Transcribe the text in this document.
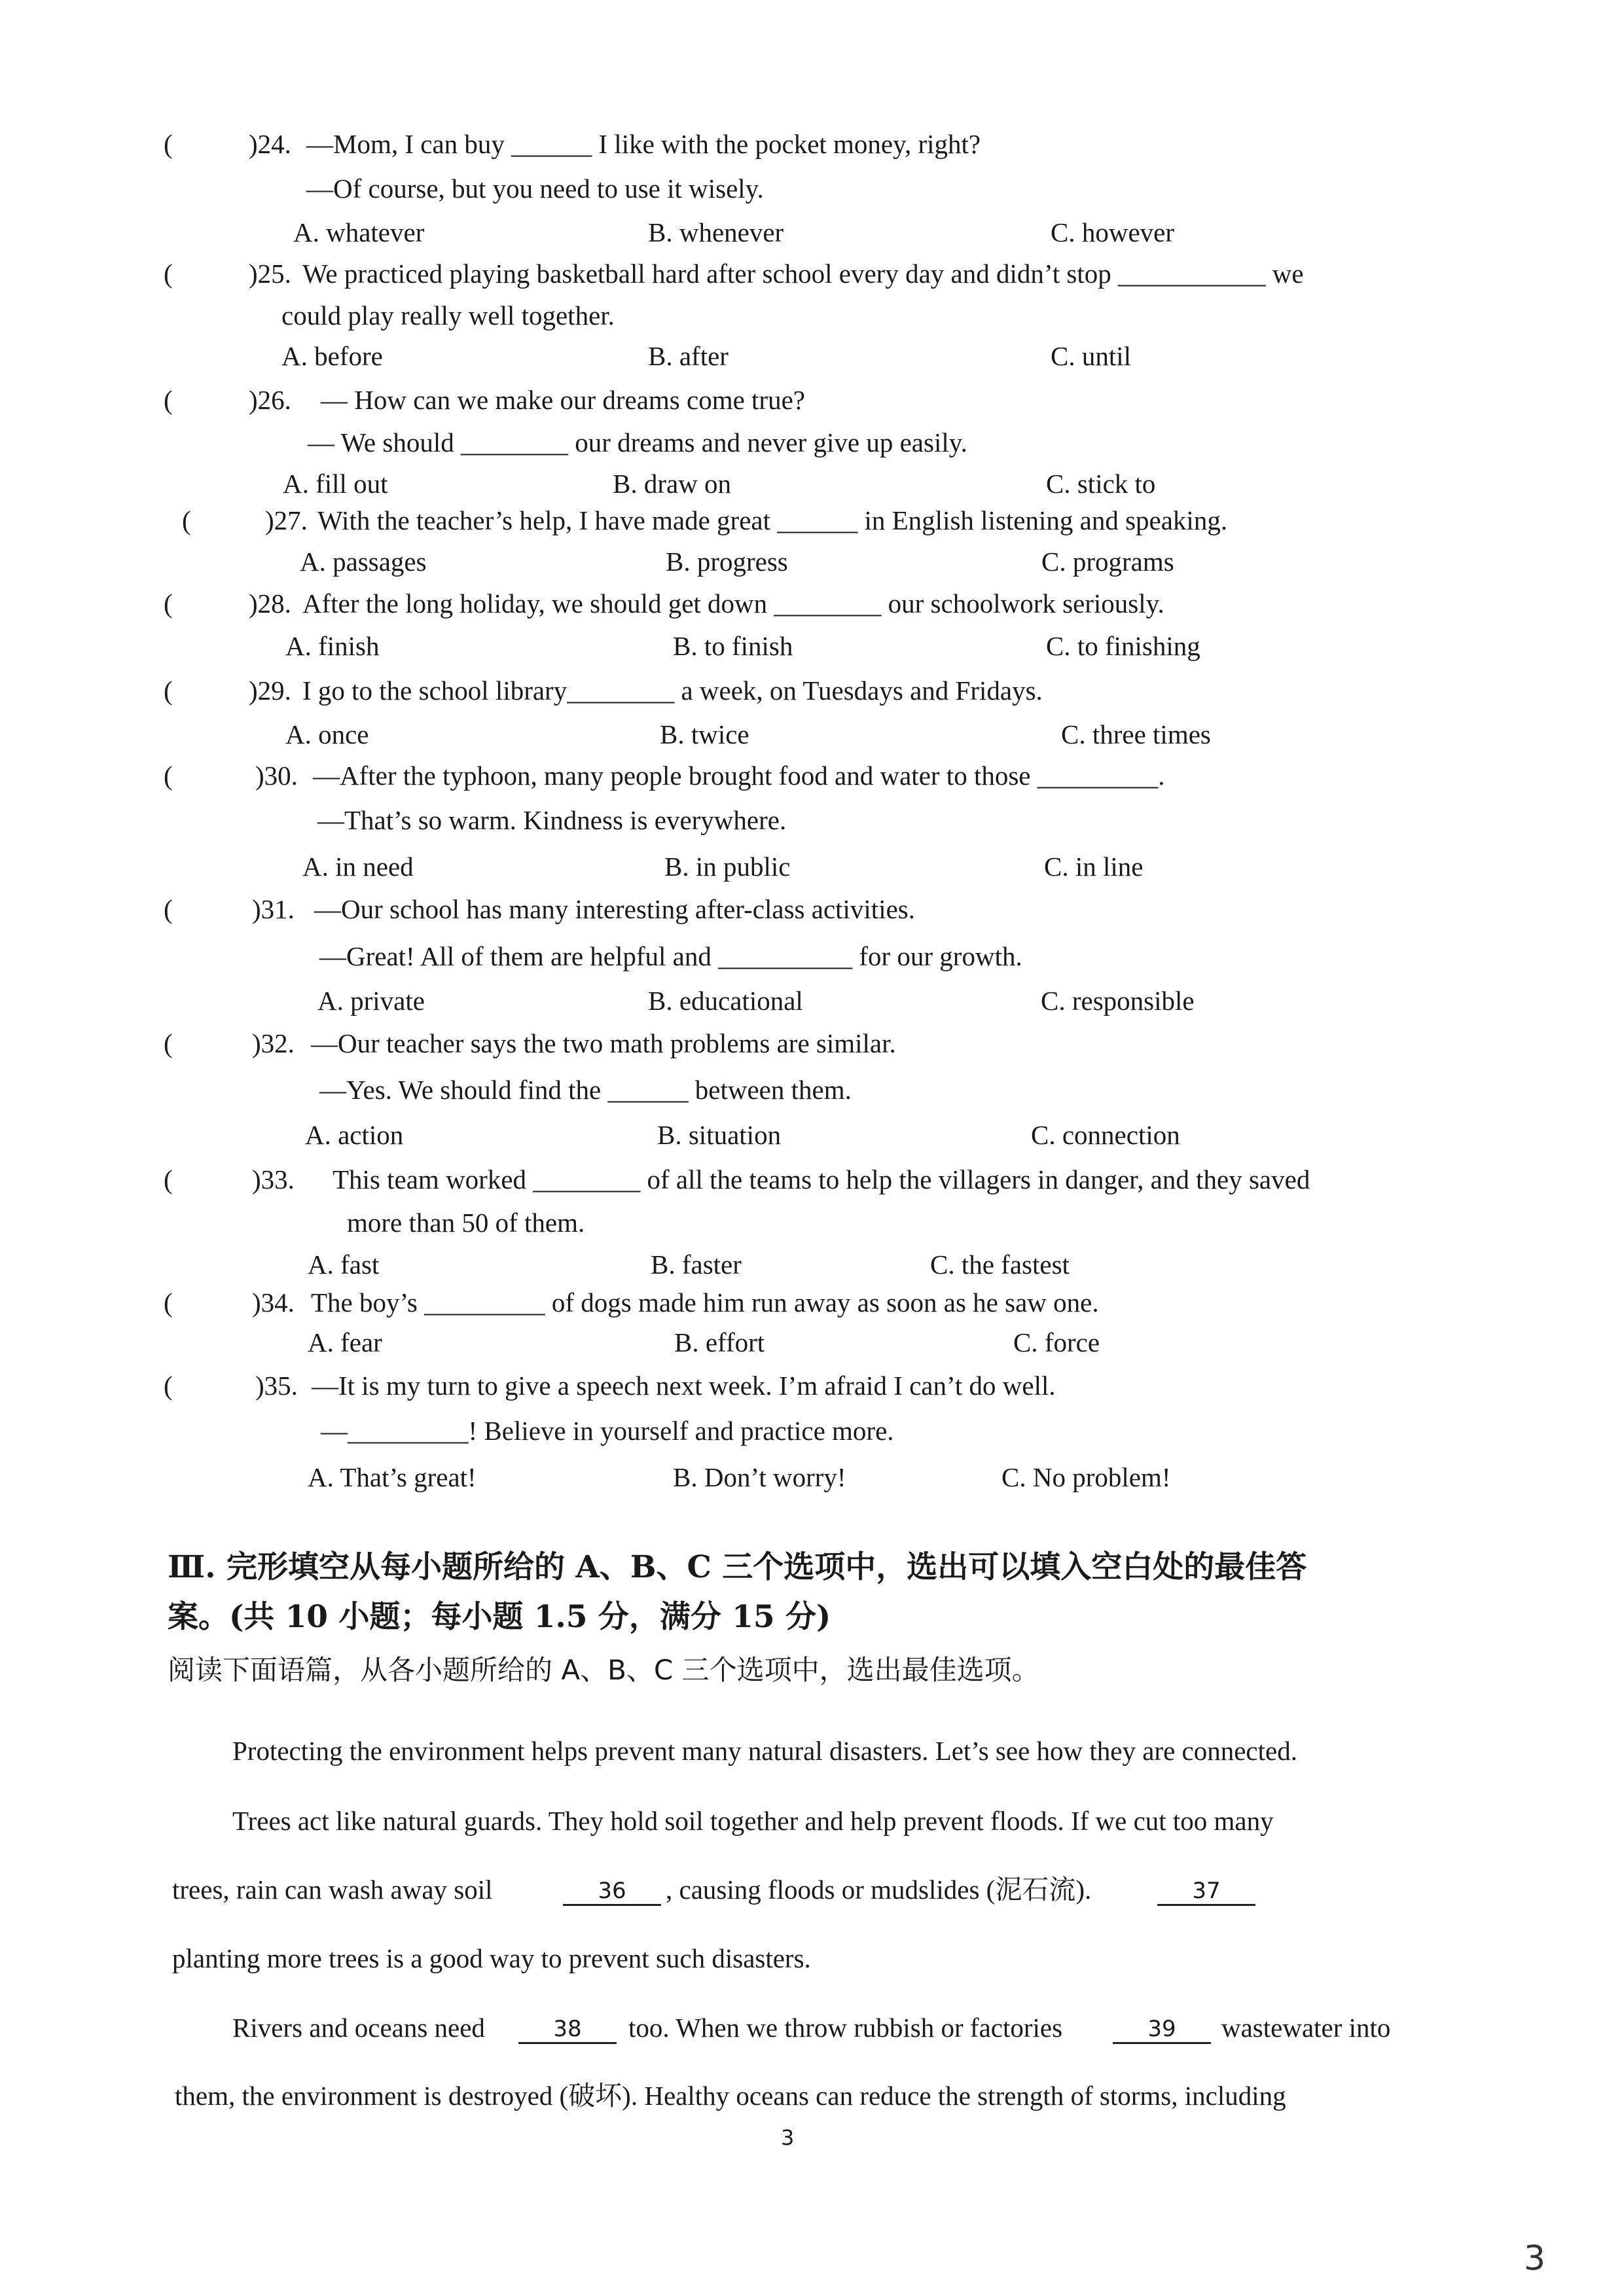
(	)24. —Mom, I can buy ______ I like with the pocket money, right?
—Of course, but you need to use it wisely.
A. whatever	B. whenever	C. however
(	)25. We practiced playing basketball hard after school every day and didn’t stop ___________ we
could play really well together.
A. before	B. after	C. until
(	)26. — How can we make our dreams come true?
— We should ________ our dreams and never give up easily.
A. fill out	B. draw on	C. stick to
(	)27. With the teacher’s help, I have made great ______ in English listening and speaking.
A. passages	B. progress	C. programs
(	)28. After the long holiday, we should get down ________ our schoolwork seriously.
A. finish	B. to finish	C. to finishing
(	)29. I go to the school library________ a week, on Tuesdays and Fridays.
A. once	B. twice	C. three times
(	)30. —After the typhoon, many people brought food and water to those _________.
—That’s so warm. Kindness is everywhere.
A. in need	B. in public	C. in line
(	)31. —Our school has many interesting after-class activities.
—Great! All of them are helpful and __________ for our growth.
A. private	B. educational	C. responsible
(	)32. —Our teacher says the two math problems are similar.
—Yes. We should find the ______ between them.
A. action	B. situation	C. connection
(	)33. This team worked ________ of all the teams to help the villagers in danger, and they saved
more than 50 of them.
A. fast	B. faster	C. the fastest
(	)34. The boy’s _________ of dogs made him run away as soon as he saw one.
A. fear	B. effort	C. force
(	)35. —It is my turn to give a speech next week. I’m afraid I can’t do well.
—_________! Believe in yourself and practice more.
A. That’s great!	B. Don’t worry!	C. No problem!
Ⅲ. 完形填空从每小题所给的 A、B、C 三个选项中，选出可以填入空白处的最佳答
案。(共 10 小题；每小题 1.5 分，满分 15 分)
阅读下面语篇，从各小题所给的 A、B、C 三个选项中，选出最佳选项。
Protecting the environment helps prevent many natural disasters. Let’s see how they are connected.
Trees act like natural guards. They hold soil together and help prevent floods. If we cut too many
trees, rain can wash away soil	36	, causing floods or mudslides (泥石流).	37
planting more trees is a good way to prevent such disasters.
Rivers and oceans need	38	too. When we throw rubbish or factories	39	wastewater into
them, the environment is destroyed (破坏). Healthy oceans can reduce the strength of storms, including
3
3
